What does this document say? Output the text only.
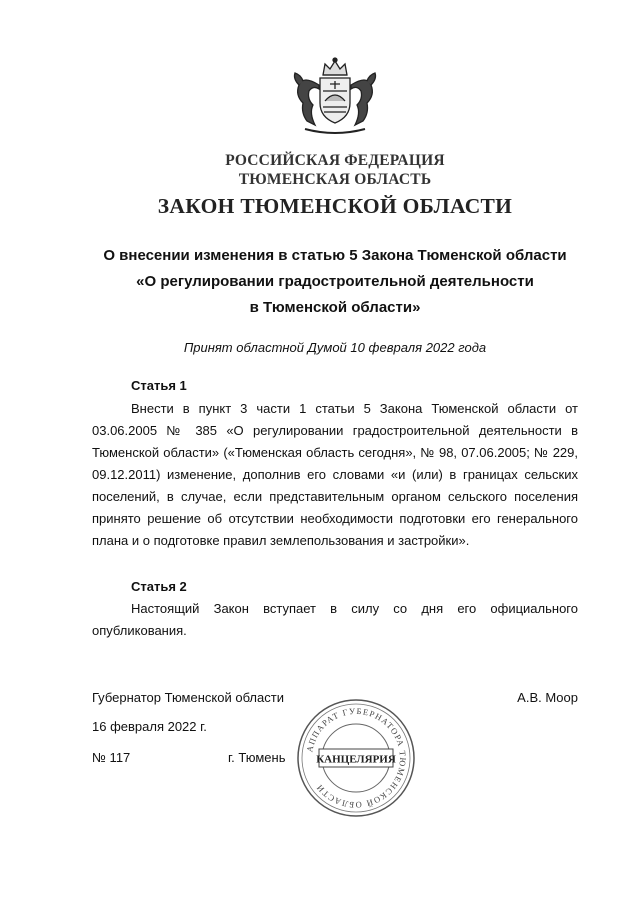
РОССИЙСКАЯ ФЕДЕРАЦИЯ
ТЮМЕНСКАЯ ОБЛАСТЬ
ЗАКОН ТЮМЕНСКОЙ ОБЛАСТИ
О внесении изменения в статью 5 Закона Тюменской области
«О регулировании градостроительной деятельности
в Тюменской области»
Принят областной Думой 10 февраля 2022 года
Статья 1

Внести в пункт 3 части 1 статьи 5 Закона Тюменской области от 03.06.2005 № 385 «О регулировании градостроительной деятельности в Тюменской области» («Тюменская область сегодня», № 98, 07.06.2005; № 229, 09.12.2011) изменение, дополнив его словами «и (или) в границах сельских поселений, в случае, если представительным органом сельского поселения принято решение об отсутствии необходимости подготовки его генерального плана и о подготовке правил землепользования и застройки».

Статья 2

Настоящий Закон вступает в силу со дня его официального опубликования.

Губернатор Тюменской области	А.В. Моор
16 февраля 2022 г.
№ 117	г. Тюмень
АППАРАТ ГУБЕРНАТОРА ТЮМЕНСКОЙ ОБЛАСТИ
КАНЦЕЛЯРИЯ
